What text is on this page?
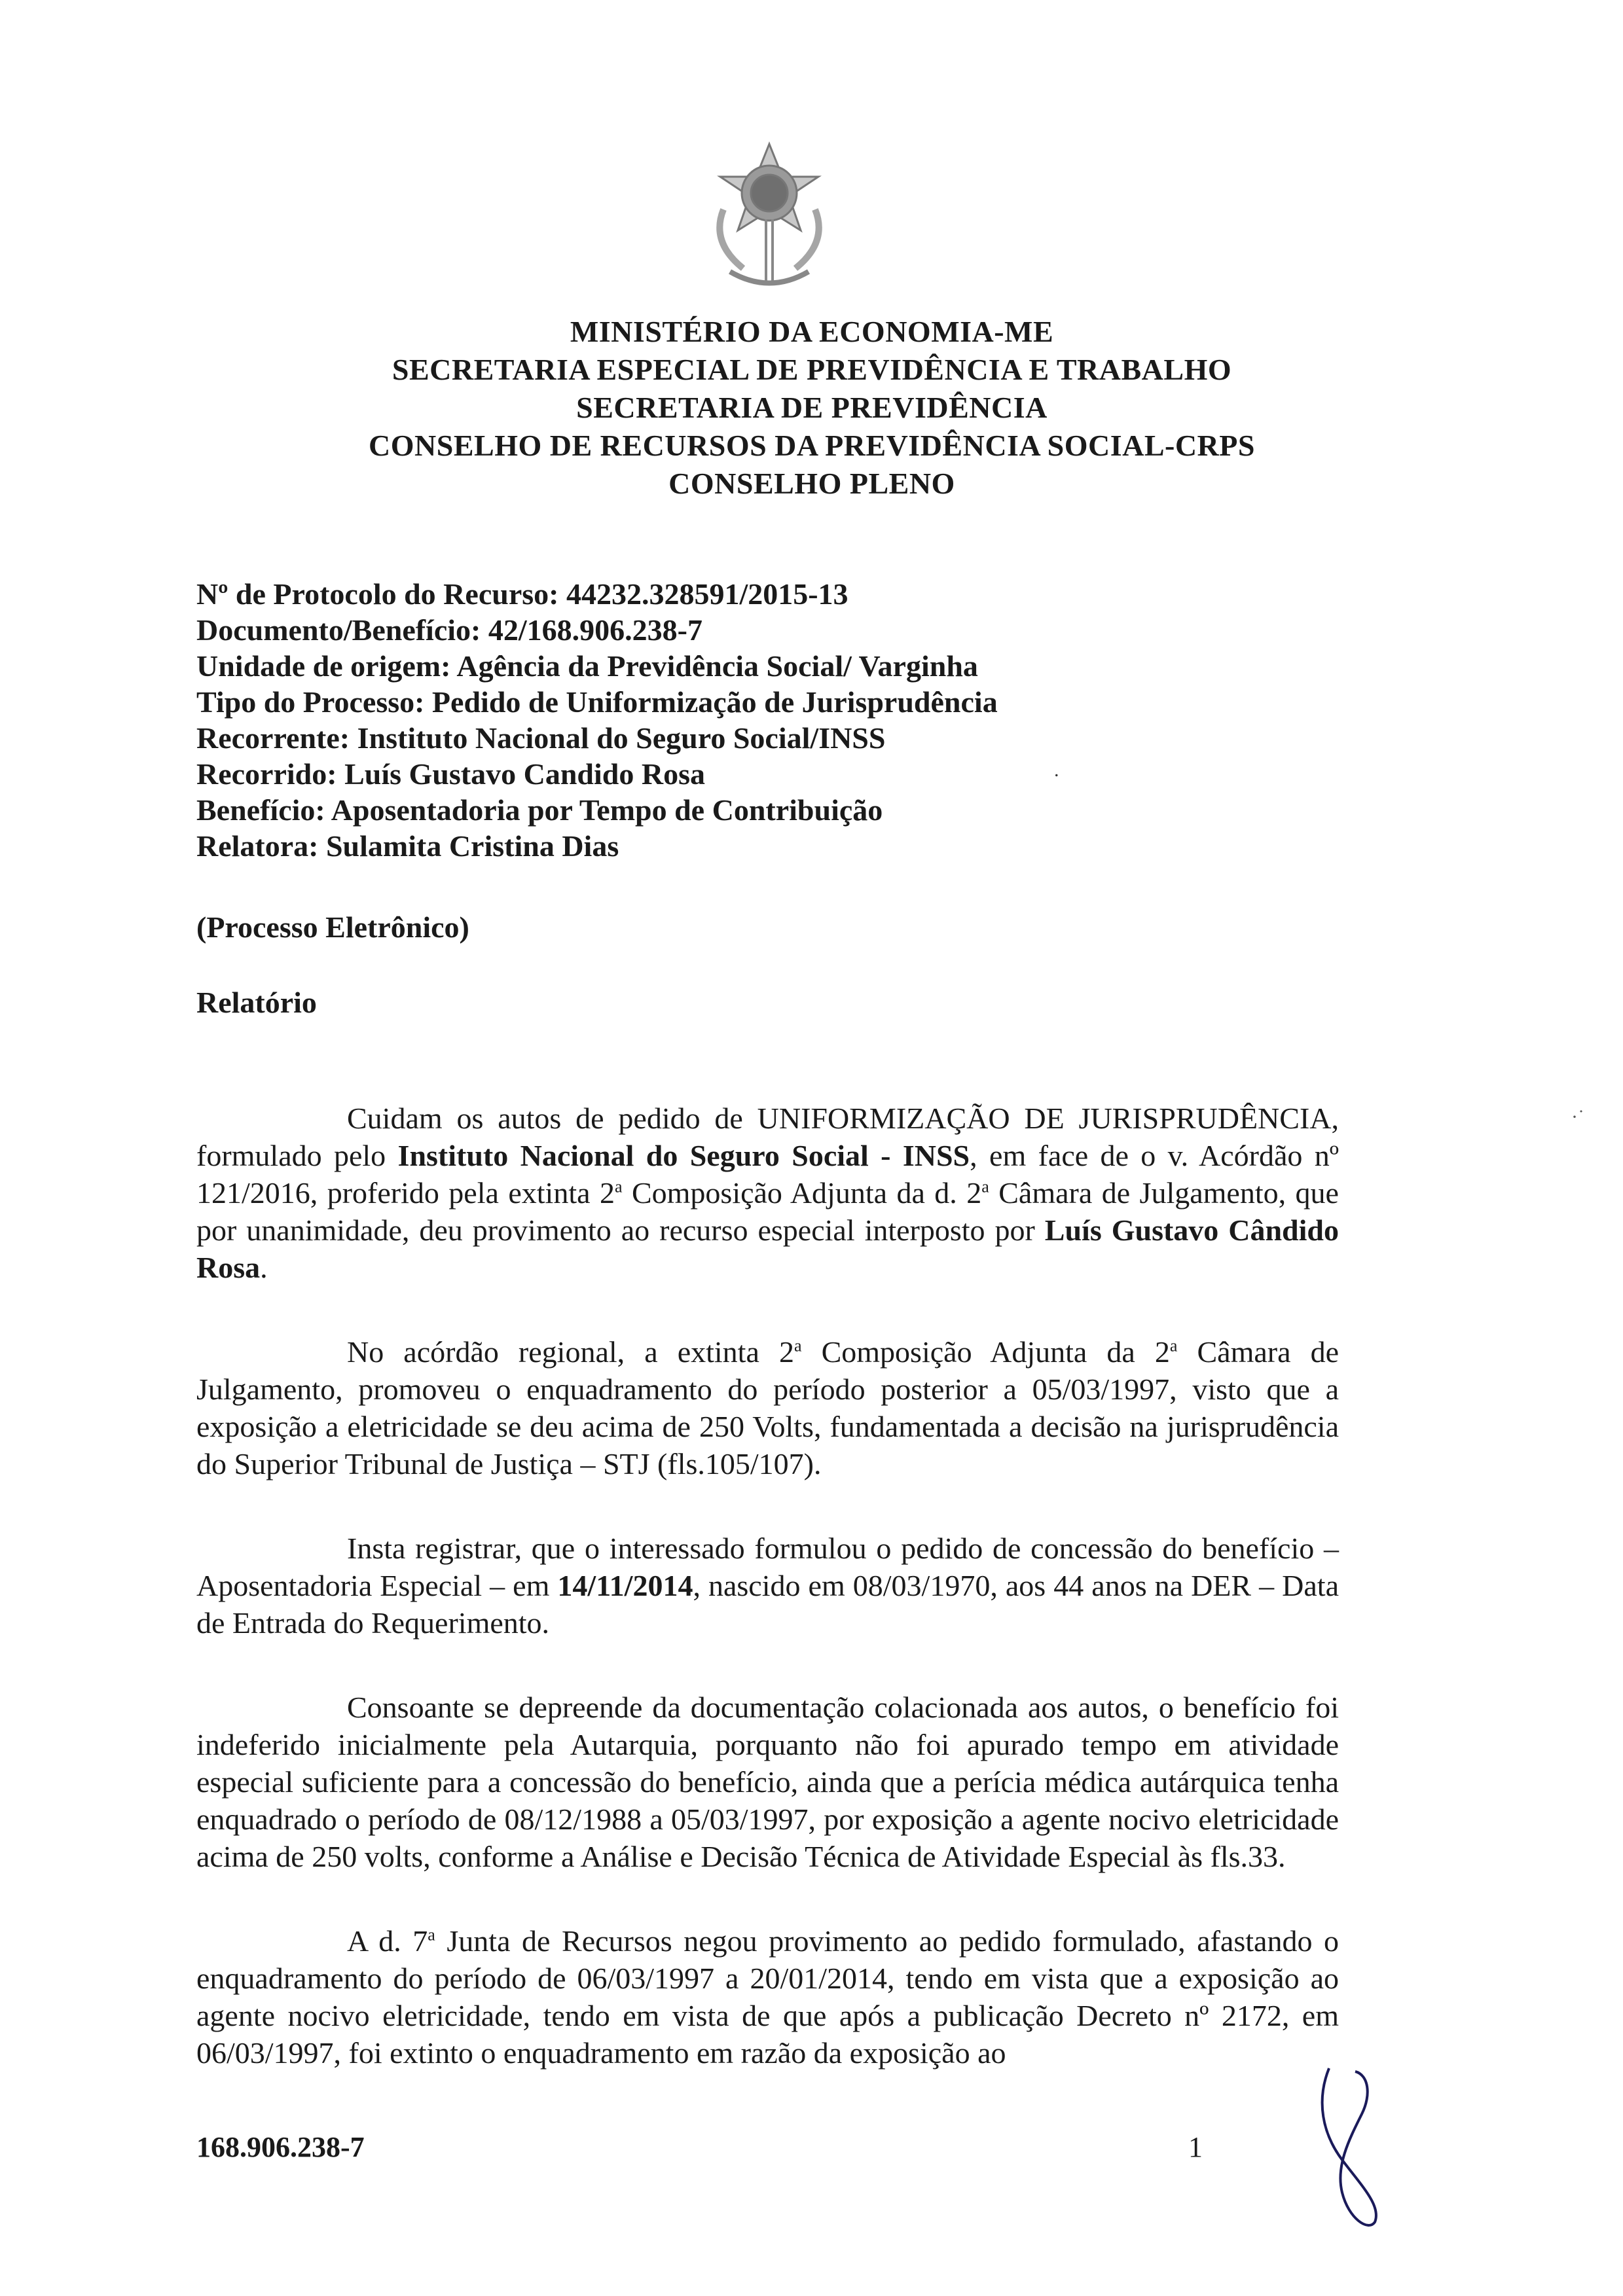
MINISTÉRIO DA ECONOMIA-ME
SECRETARIA ESPECIAL DE PREVIDÊNCIA E TRABALHO
SECRETARIA DE PREVIDÊNCIA
CONSELHO DE RECURSOS DA PREVIDÊNCIA SOCIAL-CRPS
CONSELHO PLENO
Nº de Protocolo do Recurso: 44232.328591/2015-13
Documento/Benefício: 42/168.906.238-7
Unidade de origem: Agência da Previdência Social/ Varginha
Tipo do Processo: Pedido de Uniformização de Jurisprudência
Recorrente: Instituto Nacional do Seguro Social/INSS
Recorrido: Luís Gustavo Candido Rosa
Benefício: Aposentadoria por Tempo de Contribuição
Relatora: Sulamita Cristina Dias
.
(Processo Eletrônico)
Relatório
·˙

Cuidam os autos de pedido de UNIFORMIZAÇÃO DE JURISPRUDÊNCIA, formulado pelo Instituto Nacional do Seguro Social - INSS, em face de o v. Acórdão nº 121/2016, proferido pela extinta 2$^a$ Composição Adjunta da d. 2$^a$ Câmara de Julgamento, que por unanimidade, deu provimento ao recurso especial interposto por Luís Gustavo Cândido Rosa.

No acórdão regional, a extinta 2$^a$ Composição Adjunta da 2$^a$ Câmara de Julgamento, promoveu o enquadramento do período posterior a 05/03/1997, visto que a exposição a eletricidade se deu acima de 250 Volts, fundamentada a decisão na jurisprudência do Superior Tribunal de Justiça – STJ (fls.105/107).

Insta registrar, que o interessado formulou o pedido de concessão do benefício – Aposentadoria Especial – em 14/11/2014, nascido em 08/03/1970, aos 44 anos na DER – Data de Entrada do Requerimento.

Consoante se depreende da documentação colacionada aos autos, o benefício foi indeferido inicialmente pela Autarquia, porquanto não foi apurado tempo em atividade especial suficiente para a concessão do benefício, ainda que a perícia médica autárquica tenha enquadrado o período de 08/12/1988 a 05/03/1997, por exposição a agente nocivo eletricidade acima de 250 volts, conforme a Análise e Decisão Técnica de Atividade Especial às fls.33.

A d. 7$^a$ Junta de Recursos negou provimento ao pedido formulado, afastando o enquadramento do período de 06/03/1997 a 20/01/2014, tendo em vista que a exposição ao agente nocivo eletricidade, tendo em vista de que após a publicação Decreto nº 2172, em 06/03/1997, foi extinto o enquadramento em razão da exposição ao

168.906.238-7	1
